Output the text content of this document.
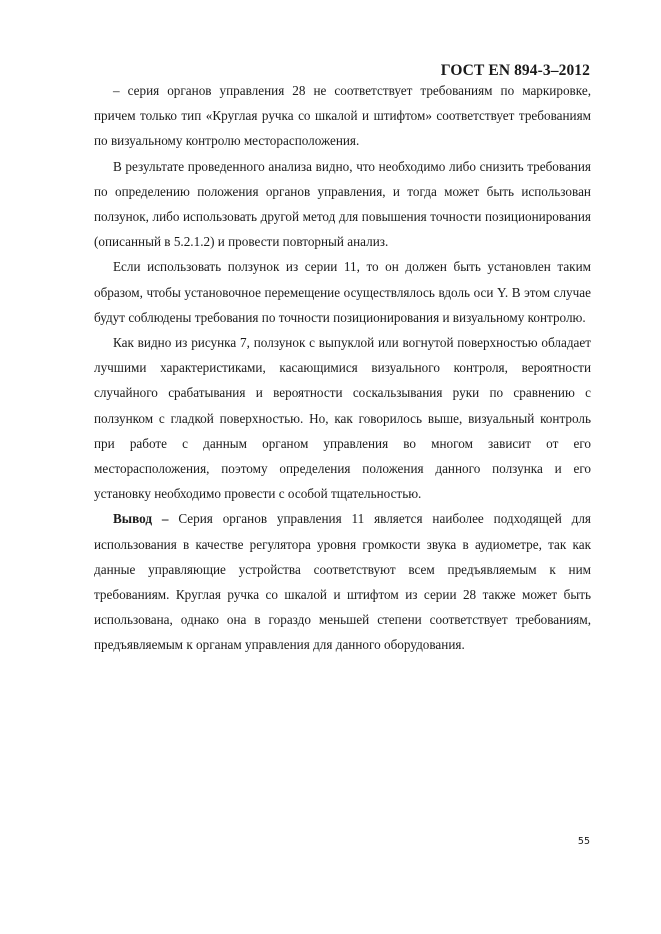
ГОСТ EN 894-3–2012

– серия органов управления 28 не соответствует требованиям по маркировке, причем только тип «Круглая ручка со шкалой и штифтом» соответствует требованиям по визуальному контролю месторасположения.

В результате проведенного анализа видно, что необходимо либо снизить требования по определению положения органов управления, и тогда может быть использован ползунок, либо использовать другой метод для повышения точности позиционирования (описанный в 5.2.1.2) и провести повторный анализ.

Если использовать ползунок из серии 11, то он должен быть установлен таким образом, чтобы установочное перемещение осуществлялось вдоль оси Y. В этом случае будут соблюдены требования по точности позиционирования и визуальному контролю.

Как видно из рисунка 7, ползунок с выпуклой или вогнутой поверхностью обладает лучшими характеристиками, касающимися визуального контроля, вероятности случайного срабатывания и вероятности соскальзывания руки по сравнению с ползунком с гладкой поверхностью. Но, как говорилось выше, визуальный контроль при работе с данным органом управления во многом зависит от его месторасположения, поэтому определения положения данного ползунка и его установку необходимо провести с особой тщательностью.

Вывод – Серия органов управления 11 является наиболее подходящей для использования в качестве регулятора уровня громкости звука в аудиометре, так как данные управляющие устройства соответствуют всем предъявляемым к ним требованиям. Круглая ручка со шкалой и штифтом из серии 28 также может быть использована, однако она в гораздо меньшей степени соответствует требованиям, предъявляемым к органам управления для данного оборудования.

55
